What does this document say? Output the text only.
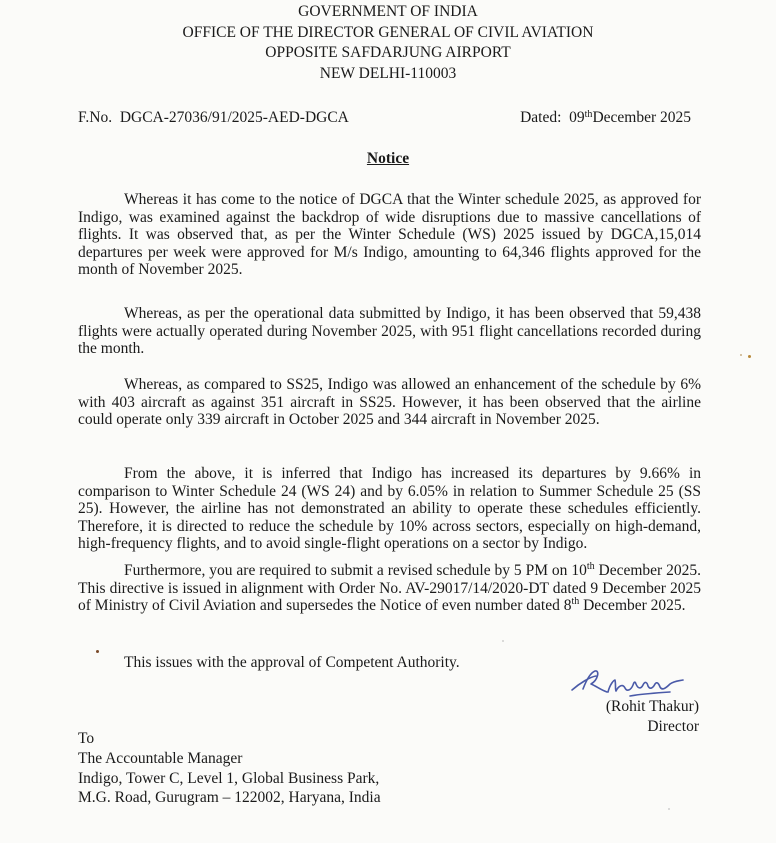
GOVERNMENT OF INDIA
OFFICE OF THE DIRECTOR GENERAL OF CIVIL AVIATION
OPPOSITE SAFDARJUNG AIRPORT
NEW DELHI-110003
F.No. DGCA-27036/91/2025-AED-DGCA	Dated: 09thDecember 2025
Notice

Whereas it has come to the notice of DGCA that the Winter schedule 2025, as approved for Indigo, was examined against the backdrop of wide disruptions due to massive cancellations of flights. It was observed that, as per the Winter Schedule (WS) 2025 issued by DGCA,15,014 departures per week were approved for M/s Indigo, amounting to 64,346 flights approved for the month of November 2025.

Whereas, as per the operational data submitted by Indigo, it has been observed that 59,438 flights were actually operated during November 2025, with 951 flight cancellations recorded during the month.

Whereas, as compared to SS25, Indigo was allowed an enhancement of the schedule by 6% with 403 aircraft as against 351 aircraft in SS25. However, it has been observed that the airline could operate only 339 aircraft in October 2025 and 344 aircraft in November 2025.

From the above, it is inferred that Indigo has increased its departures by 9.66% in comparison to Winter Schedule 24 (WS 24) and by 6.05% in relation to Summer Schedule 25 (SS 25). However, the airline has not demonstrated an ability to operate these schedules efficiently. Therefore, it is directed to reduce the schedule by 10% across sectors, especially on high-demand, high-frequency flights, and to avoid single-flight operations on a sector by Indigo.

Furthermore, you are required to submit a revised schedule by 5 PM on 10th December 2025. This directive is issued in alignment with Order No. AV-29017/14/2020-DT dated 9 December 2025 of Ministry of Civil Aviation and supersedes the Notice of even number dated 8th December 2025.

This issues with the approval of Competent Authority.
(Rohit Thakur)
Director
To
The Accountable Manager
Indigo, Tower C, Level 1, Global Business Park,
M.G. Road, Gurugram – 122002, Haryana, India
